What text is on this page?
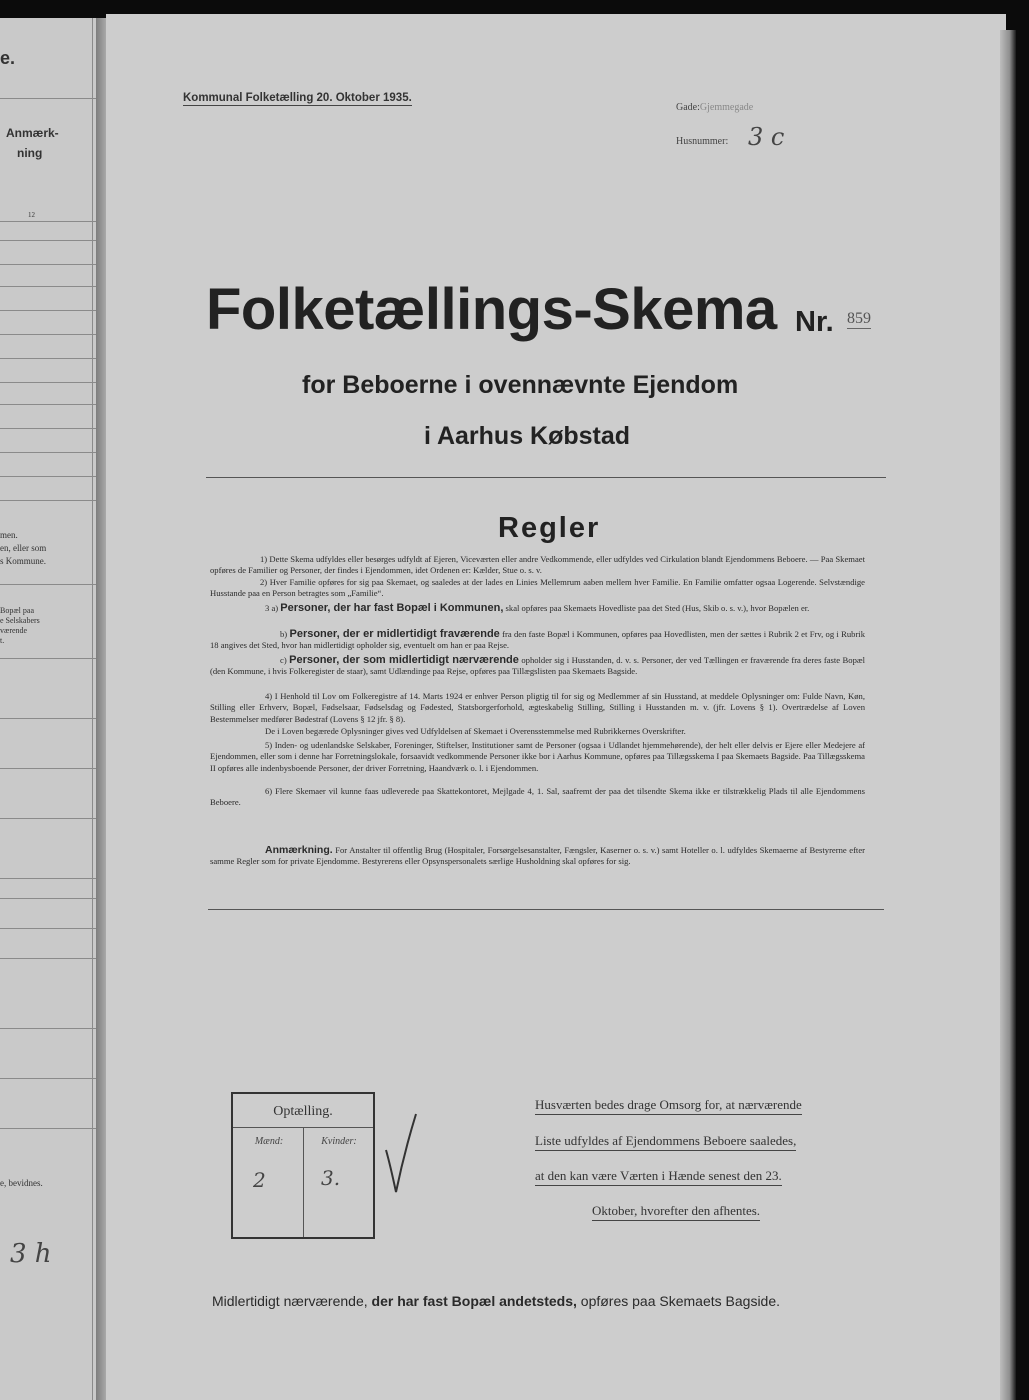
e.
Anmærk-
ning
12
men.
en, eller som
s Kommune.
Bopæl paa
e Selskabers
værende
t.
e, bevidnes.
3 h
Kommunal Folketælling 20. Oktober 1935.
Gade:Gjemmegade
Husnummer: 3 c
Folketællings-Skema Nr. 859
for Beboerne i ovennævnte Ejendom
i Aarhus Købstad
Regler
1) Dette Skema udfyldes eller besørges udfyldt af Ejeren, Viceværten eller andre Vedkommende, eller udfyldes ved Cirkulation blandt Ejendommens Beboere. — Paa Skemaet opføres de Familier og Personer, der findes i Ejendommen, idet Ordenen er: Kælder, Stue o. s. v.
2) Hver Familie opføres for sig paa Skemaet, og saaledes at der lades en Linies Mellemrum aaben mellem hver Familie. En Familie omfatter ogsaa Logerende. Selvstændige Husstande paa en Person betragtes som „Familie“.
3 a) Personer, der har fast Bopæl i Kommunen, skal opføres paa Skemaets Hovedliste paa det Sted (Hus, Skib o. s. v.), hvor Bopælen er.
b) Personer, der er midlertidigt fraværende fra den faste Bopæl i Kommunen, opføres paa Hovedlisten, men der sættes i Rubrik 2 et Frv, og i Rubrik 18 angives det Sted, hvor han midlertidigt opholder sig, eventuelt om han er paa Rejse.
c) Personer, der som midlertidigt nærværende opholder sig i Husstanden, d. v. s. Personer, der ved Tællingen er fraværende fra deres faste Bopæl (den Kommune, i hvis Folkeregister de staar), samt Udlændinge paa Rejse, opføres paa Tillægslisten paa Skemaets Bagside.
4) I Henhold til Lov om Folkeregistre af 14. Marts 1924 er enhver Person pligtig til for sig og Medlemmer af sin Husstand, at meddele Oplysninger om: Fulde Navn, Køn, Stilling eller Erhverv, Bopæl, Fødselsaar, Fødselsdag og Fødested, Statsborgerforhold, ægteskabelig Stilling, Stilling i Husstanden m. v. (jfr. Lovens § 1). Overtrædelse af Loven Bestemmelser medfører Bødestraf (Lovens § 12 jfr. § 8).
De i Loven begærede Oplysninger gives ved Udfyldelsen af Skemaet i Overensstemmelse med Rubrikkernes Overskrifter.
5) Inden- og udenlandske Selskaber, Foreninger, Stiftelser, Institutioner samt de Personer (ogsaa i Udlandet hjemmehørende), der helt eller delvis er Ejere eller Medejere af Ejendommen, eller som i denne har Forretningslokale, forsaavidt vedkommende Personer ikke bor i Aarhus Kommune, opføres paa Tillægsskema I paa Skemaets Bagside. Paa Tillægsskema II opføres alle indenbysboende Personer, der driver Forretning, Haandværk o. l. i Ejendommen.
6) Flere Skemaer vil kunne faas udleverede paa Skattekontoret, Mejlgade 4, 1. Sal, saafremt der paa det tilsendte Skema ikke er tilstrækkelig Plads til alle Ejendommens Beboere.
Anmærkning. For Anstalter til offentlig Brug (Hospitaler, Forsørgelsesanstalter, Fængsler, Kaserner o. s. v.) samt Hoteller o. l. udfyldes Skemaerne af Bestyrerne efter samme Regler som for private Ejendomme. Bestyrerens eller Opsynspersonalets særlige Husholdning skal opføres for sig.
Optælling.
Mænd:	Kvinder:
2	3.
Husværten bedes drage Omsorg for, at nærværende
Liste udfyldes af Ejendommens Beboere saaledes,
at den kan være Værten i Hænde senest den 23.
Oktober, hvorefter den afhentes.
Midlertidigt nærværende, der har fast Bopæl andetsteds, opføres paa Skemaets Bagside.
